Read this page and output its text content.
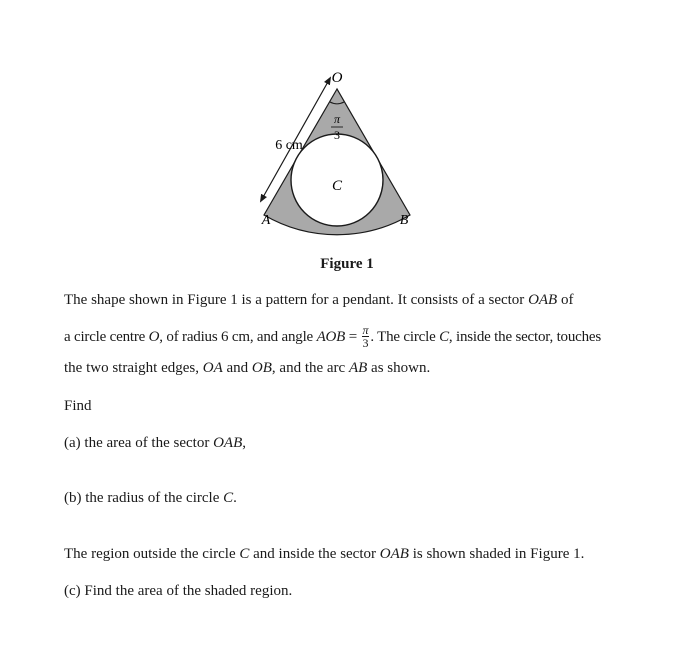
O
A	B
C
6 cm
π
3
Figure 1
The shape shown in Figure 1 is a pattern for a pendant. It consists of a sector OAB of
a circle centre O, of radius 6 cm, and angle AOB = $\frac{\pi}{3}$ . The circle C, inside the sector, touches
the two straight edges, OA and OB, and the arc AB as shown.
Find
(a) the area of the sector OAB,
(b) the radius of the circle C.
The region outside the circle C and inside the sector OAB is shown shaded in Figure 1.
(c) Find the area of the shaded region.
